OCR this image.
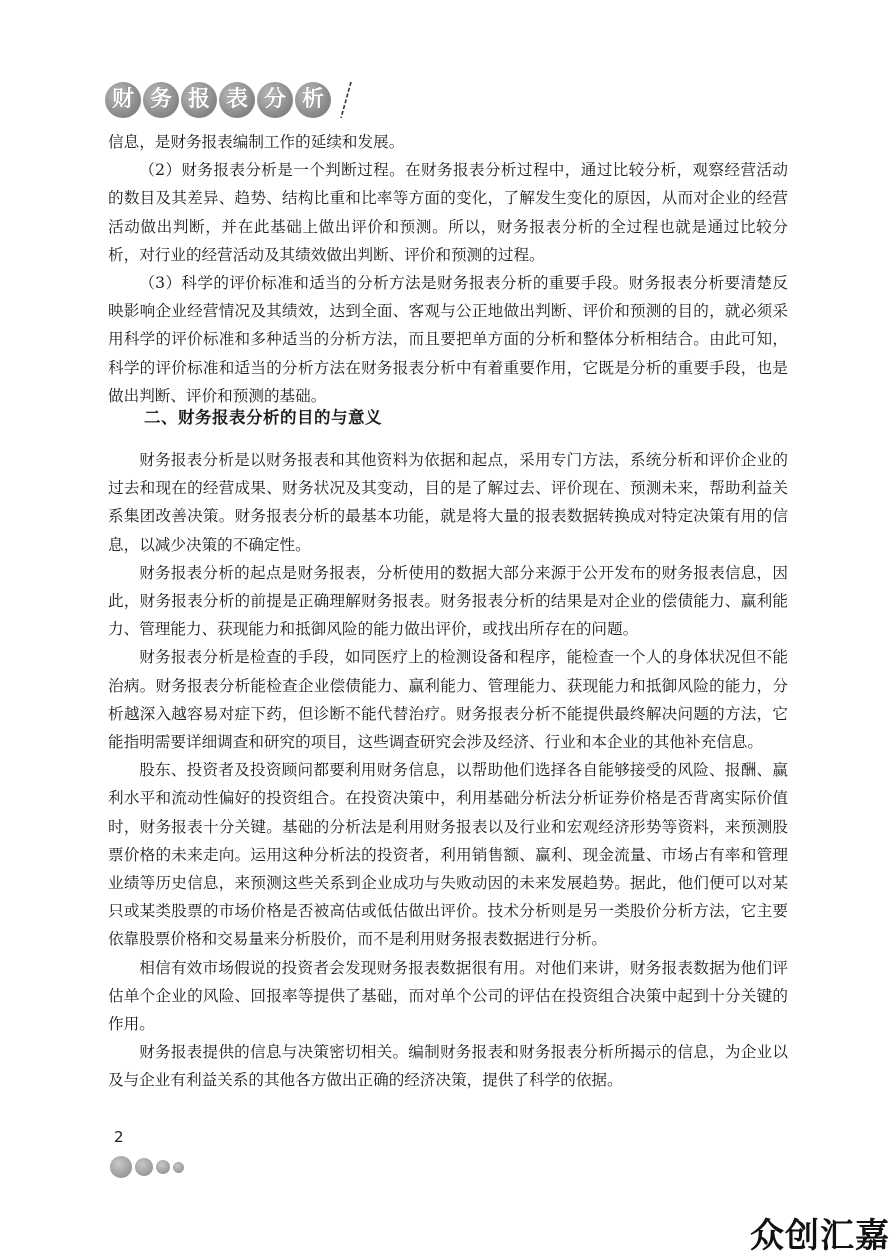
财 务 报 表 分 析

信息，是财务报表编制工作的延续和发展。

（2）财务报表分析是一个判断过程。在财务报表分析过程中，通过比较分析，观察经营活动的数目及其差异、趋势、结构比重和比率等方面的变化，了解发生变化的原因，从而对企业的经营活动做出判断，并在此基础上做出评价和预测。所以，财务报表分析的全过程也就是通过比较分析，对行业的经营活动及其绩效做出判断、评价和预测的过程。

（3）科学的评价标准和适当的分析方法是财务报表分析的重要手段。财务报表分析要清楚反映影响企业经营情况及其绩效，达到全面、客观与公正地做出判断、评价和预测的目的，就必须采用科学的评价标准和多种适当的分析方法，而且要把单方面的分析和整体分析相结合。由此可知，科学的评价标准和适当的分析方法在财务报表分析中有着重要作用，它既是分析的重要手段，也是做出判断、评价和预测的基础。

二、财务报表分析的目的与意义

财务报表分析是以财务报表和其他资料为依据和起点，采用专门方法，系统分析和评价企业的过去和现在的经营成果、财务状况及其变动，目的是了解过去、评价现在、预测未来，帮助利益关系集团改善决策。财务报表分析的最基本功能，就是将大量的报表数据转换成对特定决策有用的信息，以减少决策的不确定性。

财务报表分析的起点是财务报表，分析使用的数据大部分来源于公开发布的财务报表信息，因此，财务报表分析的前提是正确理解财务报表。财务报表分析的结果是对企业的偿债能力、赢利能力、管理能力、获现能力和抵御风险的能力做出评价，或找出所存在的问题。

财务报表分析是检查的手段，如同医疗上的检测设备和程序，能检查一个人的身体状况但不能治病。财务报表分析能检查企业偿债能力、赢利能力、管理能力、获现能力和抵御风险的能力，分析越深入越容易对症下药，但诊断不能代替治疗。财务报表分析不能提供最终解决问题的方法，它能指明需要详细调查和研究的项目，这些调查研究会涉及经济、行业和本企业的其他补充信息。

股东、投资者及投资顾问都要利用财务信息，以帮助他们选择各自能够接受的风险、报酬、赢利水平和流动性偏好的投资组合。在投资决策中，利用基础分析法分析证券价格是否背离实际价值时，财务报表十分关键。基础的分析法是利用财务报表以及行业和宏观经济形势等资料，来预测股票价格的未来走向。运用这种分析法的投资者，利用销售额、赢利、现金流量、市场占有率和管理业绩等历史信息，来预测这些关系到企业成功与失败动因的未来发展趋势。据此，他们便可以对某只或某类股票的市场价格是否被高估或低估做出评价。技术分析则是另一类股价分析方法，它主要依靠股票价格和交易量来分析股价，而不是利用财务报表数据进行分析。

相信有效市场假说的投资者会发现财务报表数据很有用。对他们来讲，财务报表数据为他们评估单个企业的风险、回报率等提供了基础，而对单个公司的评估在投资组合决策中起到十分关键的作用。

财务报表提供的信息与决策密切相关。编制财务报表和财务报表分析所揭示的信息，为企业以及与企业有利益关系的其他各方做出正确的经济决策，提供了科学的依据。

2
众创汇嘉
